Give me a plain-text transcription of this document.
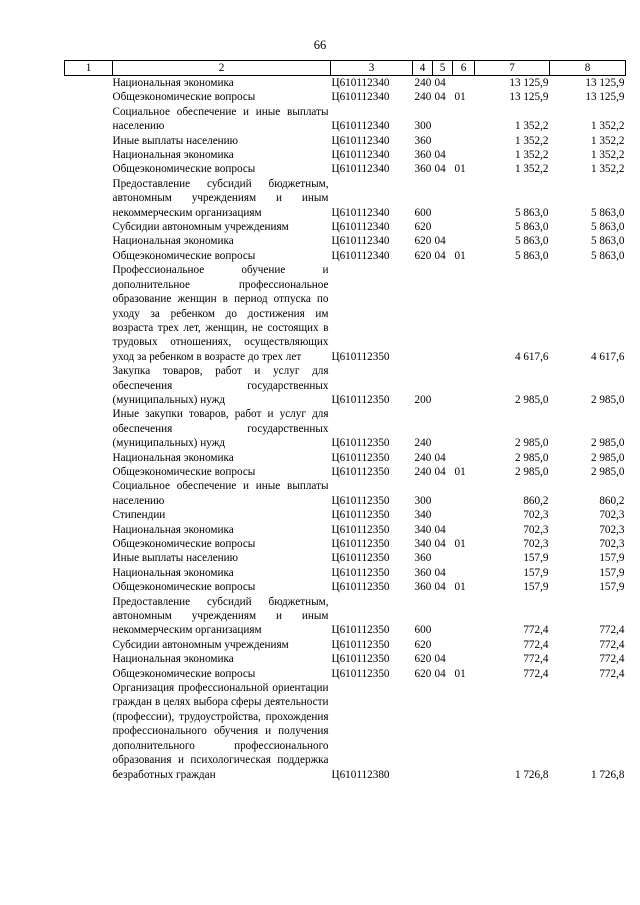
66
1	2	3	4	5	6	7	8
	Национальная экономика	Ц610112340	240	04		13 125,9	13 125,9
	Общеэкономические вопросы	Ц610112340	240	04	01	13 125,9	13 125,9
	Социальное обеспечение и иные выплаты населению	Ц610112340	300			1 352,2	1 352,2
	Иные выплаты населению	Ц610112340	360			1 352,2	1 352,2
	Национальная экономика	Ц610112340	360	04		1 352,2	1 352,2
	Общеэкономические вопросы	Ц610112340	360	04	01	1 352,2	1 352,2
	Предоставление субсидий бюджетным, автономным учреждениям и иным некоммерческим организациям	Ц610112340	600			5 863,0	5 863,0
	Субсидии автономным учреждениям	Ц610112340	620			5 863,0	5 863,0
	Национальная экономика	Ц610112340	620	04		5 863,0	5 863,0
	Общеэкономические вопросы	Ц610112340	620	04	01	5 863,0	5 863,0
	Профессиональное обучение и дополнительное профессиональное образование женщин в период отпуска по уходу за ребенком до достижения им возраста трех лет, женщин, не состоящих в трудовых отношениях, осуществляющих уход за ребенком в возрасте до трех лет	Ц610112350				4 617,6	4 617,6
	Закупка товаров, работ и услуг для обеспечения государственных (муниципальных) нужд	Ц610112350	200			2 985,0	2 985,0
	Иные закупки товаров, работ и услуг для обеспечения государственных (муниципальных) нужд	Ц610112350	240			2 985,0	2 985,0
	Национальная экономика	Ц610112350	240	04		2 985,0	2 985,0
	Общеэкономические вопросы	Ц610112350	240	04	01	2 985,0	2 985,0
	Социальное обеспечение и иные выплаты населению	Ц610112350	300			860,2	860,2
	Стипендии	Ц610112350	340			702,3	702,3
	Национальная экономика	Ц610112350	340	04		702,3	702,3
	Общеэкономические вопросы	Ц610112350	340	04	01	702,3	702,3
	Иные выплаты населению	Ц610112350	360			157,9	157,9
	Национальная экономика	Ц610112350	360	04		157,9	157,9
	Общеэкономические вопросы	Ц610112350	360	04	01	157,9	157,9
	Предоставление субсидий бюджетным, автономным учреждениям и иным некоммерческим организациям	Ц610112350	600			772,4	772,4
	Субсидии автономным учреждениям	Ц610112350	620			772,4	772,4
	Национальная экономика	Ц610112350	620	04		772,4	772,4
	Общеэкономические вопросы	Ц610112350	620	04	01	772,4	772,4
	Организация профессиональной ориентации граждан в целях выбора сферы деятельности (профессии), трудоустройства, прохождения профессионального обучения и получения дополнительного профессионального образования и психологическая поддержка безработных граждан	Ц610112380				1 726,8	1 726,8
